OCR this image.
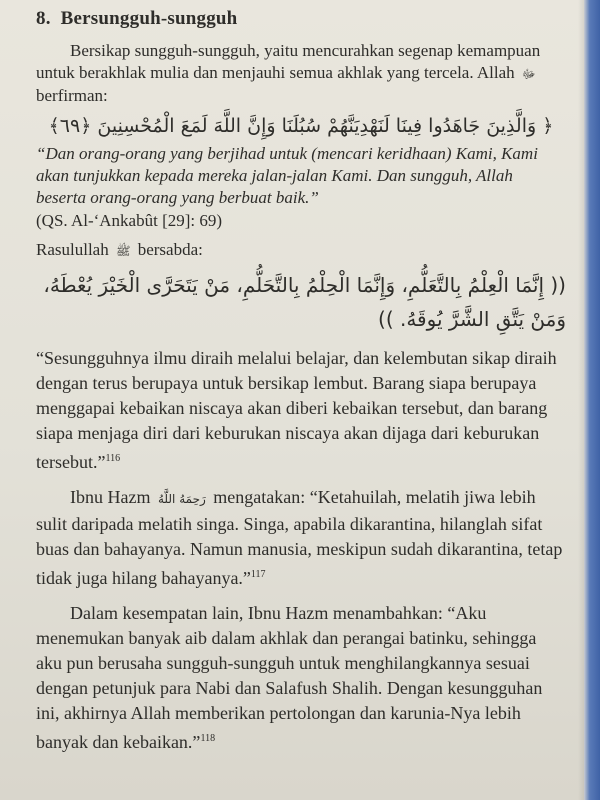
8. Bersungguh-sungguh

Bersikap sungguh-sungguh, yaitu mencurahkan segenap kemampuan untuk berakhlak mulia dan menjauhi semua akhlak yang tercela. Allah ﷻ berfirman:

﴿ وَالَّذِينَ جَاهَدُوا فِينَا لَنَهْدِيَنَّهُمْ سُبُلَنَا وَإِنَّ اللَّهَ لَمَعَ الْمُحْسِنِينَ ﴿٦٩﴾

“Dan orang-orang yang berjihad untuk (mencari keridhaan) Kami, Kami akan tunjukkan kepada mereka jalan-jalan Kami. Dan sungguh, Allah beserta orang-orang yang berbuat baik.”

(QS. Al-‘Ankabût [29]: 69)

Rasulullah ﷺ bersabda:

(( إِنَّمَا الْعِلْمُ بِالتَّعَلُّمِ، وَإِنَّمَا الْحِلْمُ بِالتَّحَلُّمِ، مَنْ يَتَحَرَّى الْخَيْرَ يُعْطَهُ، وَمَنْ يَتَّقِ الشَّرَّ يُوقَهُ. ))

“Sesungguhnya ilmu diraih melalui belajar, dan kelembutan sikap diraih dengan terus berupaya untuk bersikap lembut. Barang siapa berupaya menggapai kebaikan niscaya akan diberi kebaikan tersebut, dan barang siapa menjaga diri dari keburukan niscaya akan dijaga dari keburukan tersebut.”$^{116}$

Ibnu Hazm رَحِمَهُ اللَّهُ mengatakan: “Ketahuilah, melatih jiwa lebih sulit daripada melatih singa. Singa, apabila dikarantina, hilanglah sifat buas dan bahayanya. Namun manusia, meskipun sudah dikarantina, tetap tidak juga hilang bahayanya.”$^{117}$

Dalam kesempatan lain, Ibnu Hazm menambahkan: “Aku menemukan banyak aib dalam akhlak dan perangai batinku, sehingga aku pun berusaha sungguh-sungguh untuk menghilangkannya sesuai dengan petunjuk para Nabi dan Salafush Shalih. Dengan kesungguhan ini, akhirnya Allah memberikan pertolongan dan karunia-Nya lebih banyak dan kebaikan.”$^{118}$
